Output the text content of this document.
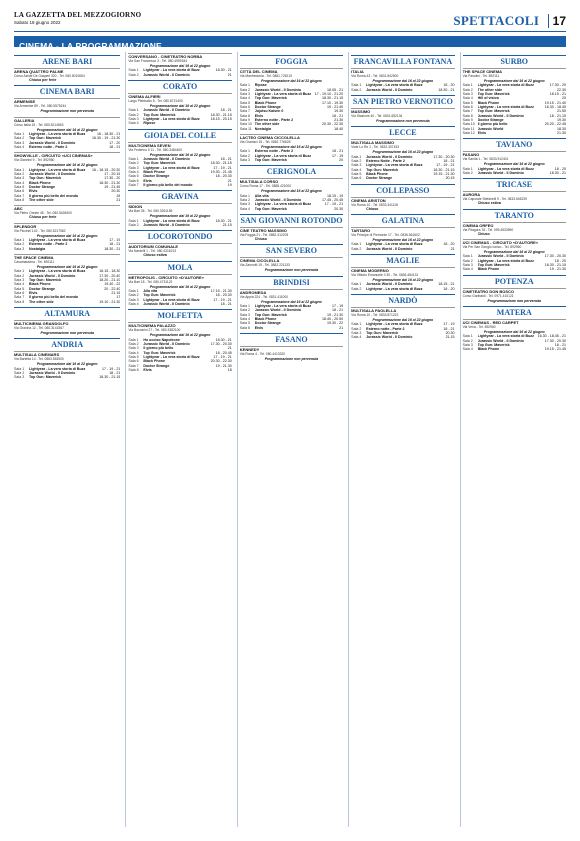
LA GAZZETTA DEL MEZZOGIORNO
Sabato 18 giugno 2022	SPETTACOLI 17
CINEMA - LA PROGRAMMAZIONE
ARENE BARI
ARENA QUATTRO PALME
Corso Alcide De Gasperi 320 - Tel. 080.5010654
Chiuso per ferie
CINEMA BARI
ARMENISE
Via Armenise 89 - Tel. 080.5575244
Programmazione non pervenuta
GALLERIA
Corso Italia 15 - Tel. 080.5214563
Programmazione dal 16 al 22 giugno
Sala 1	Lightyear - La vera storia di Buzz	16 - 18.30 - 21
Sala 2	Top Gun: Maverick	16.30 - 19 - 21.30
Sala 3	Jurassic World - Il Dominio	17 - 20
Sala 4	Esterno notte - Parte 2	18 - 21
SHOWVILLE - CIRCUITO «UCI CINEMAS»
Via Giannini 9 - Tel. 892960
Programmazione dal 16 al 22 giugno
Sala 1	Lightyear - La vera storia di Buzz	16 - 18.15 - 20.30
Sala 2	Jurassic World - Il Dominio	17 - 20.15
Sala 3	Top Gun: Maverick	17.30 - 20
Sala 4	Black Phone	18.30 - 21.30
Sala 5	Doctor Strange	19 - 21.45
Sala 6	Elvis	20.30
Sala 7	Il giorno più bello del mondo	18
Sala 8	The other side	21
ABC
Via Pietro Oreste 45 - Tel. 080.5428400
Chiuso per ferie
SPLENDOR
Via Piccinni 142 - Tel. 080.5217582
Programmazione dal 16 al 22 giugno
Sala 1	Lightyear - La vera storia di Buzz	17 - 19
Sala 2	Esterno notte - Parte 2	18 - 21
Sala 3	Nostalgia	18.30 - 21
THE SPACE CINEMA
Casamassima - Tel. 892111
Programmazione dal 16 al 22 giugno
Sala 1	Lightyear - La vera storia di Buzz	16.15 - 18.30
Sala 2	Jurassic World - Il Dominio	17.30 - 20.40
Sala 3	Top Gun: Maverick	18.20 - 21.10
Sala 4	Black Phone	19.40 - 22
Sala 5	Doctor Strange	20 - 22.40
Sala 6	Elvis	21.15
Sala 7	Il giorno più bello del mondo	17
Sala 8	The other side	19.10 - 21.30
ALTAMURA
MULTICINEMA GRANDOLFO
Via Gravina 12 - Tel. 080.3141567
Programmazione non pervenuta
ANDRIA
MULTISALA CINEMARS
Via Barletta 14 - Tel. 0883.553500
Programmazione dal 16 al 22 giugno
Sala 1	Lightyear - La vera storia di Buzz	17 - 19 - 21
Sala 2	Jurassic World - Il Dominio	18 - 21
Sala 3	Top Gun: Maverick	18.30 - 21.15
CONVERSANO - CINETEATRO NORBA
Via San Francesco 3 - Tel. 080.4959184
Programmazione dal 16 al 22 giugno
Sala 1	Lightyear - La vera storia di Buzz	18.30 - 21
Sala 2	Jurassic World - Il Dominio	21
CORATO
CINEMA ALFIERI
Largo Plebiscito 8 - Tel. 080.8721400
Programmazione dal 16 al 22 giugno
Sala 1	Jurassic World - Il Dominio	18 - 21
Sala 2	Top Gun: Maverick	18.30 - 21.15
Sala 3	Lightyear - La vera storia di Buzz	18.15 - 20.15
Sala 4	Ripose
GIOIA DEL COLLE
MULTICINEMA SEVEN
Via Federico II 11 - Tel. 080.3484400
Programmazione dal 16 al 22 giugno
Sala 1	Jurassic World - Il Dominio	18 - 21
Sala 2	Top Gun: Maverick	18.30 - 21.15
Sala 3	Lightyear - La vera storia di Buzz	17 - 19 - 21
Sala 4	Black Phone	19.30 - 21.45
Sala 5	Doctor Strange	18 - 20.30
Sala 6	Elvis	21
Sala 7	Il giorno più bello del mondo	19
GRAVINA
SIDION
Via Bari 35 - Tel. 080.3261155
Programmazione dal 16 al 22 giugno
Sala 1	Lightyear - La vera storia di Buzz	18.30 - 21
Sala 2	Jurassic World - Il Dominio	21.15
LOCOROTONDO
AUDITORIUM COMUNALE
Via Nardelli 1 - Tel. 080.4316213
Chiuso estiva
MOLA
METROPOLIS - CIRCUITO «D'AUTORE»
Via Bari 18 - Tel. 080.4731122
Programmazione dal 16 al 22 giugno
Sala 1	Alla vita	17.15 - 21.30
Sala 2	Top Gun: Maverick	18 - 20.30
Sala 3	Lightyear - La vera storia di Buzz	17 - 19 - 21
Sala 4	Jurassic World - Il Dominio	18 - 21
MOLFETTA
MULTICINEMA PALAZZO
Via Baccarini 27 - Tel. 080.3382100
Programmazione dal 16 al 22 giugno
Sala 1	Ho ucciso Napoleone	18.30 - 21
Sala 2	Jurassic World - Il Dominio	17.30 - 20.30
Sala 3	Il giorno più bello	21
Sala 4	Top Gun: Maverick	18 - 20.45
Sala 5	Lightyear - La vera storia di Buzz	17 - 19 - 21
Sala 6	Black Phone	20.30 - 22.30
Sala 7	Doctor Strange	19 - 21.30
Sala 8	Elvis	18
FOGGIA
CITTÀ DEL CINEMA
Via Manfredonia - Tel. 0881.725219
Programmazione dal 16 al 22 giugno
Sala 1	Ripose
Sala 2	Jurassic World - Il Dominio	18.05 - 21
Sala 3	Lightyear - La vera storia di Buzz	17 - 19.10 - 21.20
Sala 4	Top Gun: Maverick	18.30 - 21.15
Sala 5	Black Phone	17.10 - 19.30
Sala 6	Doctor Strange	19 - 21.40
Sala 7	Jujutsu Kaisen 0	19.30
Sala 8	Elvis	18 - 21
Sala 9	Esterno notte - Parte 2	21.30
Sala 10 The other side	20.30 - 22.30
Sala 11 Nostalgia	18.40
LACTEO CINEMA CICCOLELLA
Via Gramsci 15 - Tel. 0881.776628
Programmazione dal 16 al 22 giugno
Sala 1	Esterno notte - Parte 2	18 - 21
Sala 2	Lightyear - La vera storia di Buzz	17 - 19
Sala 3	Top Gun: Maverick	20
CERIGNOLA
MULTISALA CORSO
Corso Roma 17 - Tel. 0885.421000
Programmazione dal 16 al 22 giugno
Sala 1	Alla vita	18.15 - 19
Sala 2	Jurassic World - Il Dominio	17.45 - 20.45
Sala 3	Lightyear - La vera storia di Buzz	17 - 19 - 21
Sala 4	Top Gun: Maverick	20.30
SAN GIOVANNI ROTONDO
CINE TEATRO MASSIMO
Via Foggia 21 - Tel. 0882.412203
Chiuso
SAN SEVERO
CINEMA CICOLELLA
Via Zannotti 19 - Tel. 0882.221133
Programmazione non pervenuta
BRINDISI
ANDROMEDA
Via Appia 224 - Tel. 0831.411000
Programmazione dal 16 al 22 giugno
Sala 1	Lightyear - La vera storia di Buzz	17 - 19
Sala 2	Jurassic World - Il Dominio	18 - 21
Sala 3	Top Gun: Maverick	19 - 21.30
Sala 4	Black Phone	18.40 - 20.50
Sala 5	Doctor Strange	19.30 - 22
Sala 6	Elvis	21
FASANO
KENNEDY
Via Roma 4 - Tel. 080.4413320
Programmazione non pervenuta
FRANCAVILLA FONTANA
ITALIA
Via Roma 43 - Tel. 0831.842500
Programmazione dal 16 al 22 giugno
Sala 1	Lightyear - La vera storia di Buzz	18 - 20
Sala 2	Jurassic World - Il Dominio	18.30 - 21
SAN PIETRO VERNOTICO
MASSIMO
Via Stazione 40 - Tel. 0831.652134
Programmazione non pervenuta
LECCE
MULTISALA MASSIMO
Viale Lo Re 1 - Tel. 0832.307433
Programmazione dal 16 al 22 giugno
Sala 1	Jurassic World - Il Dominio	17.30 - 20.30
Sala 2	Esterno Notte - Parte 2	18 - 21
Sala 3	Lightyear - La vera storia di Buzz	17 - 19 - 21
Sala 4	Top Gun: Maverick	18.30 - 21.15
Sala 5	Black Phone	19.15 - 21.30
Sala 6	Doctor Strange	20.15
COLLEPASSO
CINEMA ARISTON
Via Roma 10 - Tel. 0833.341118
Chiuso
GALATINA
TARTARO
Via Principe di Piemonte 17 - Tel. 0836.561602
Programmazione dal 16 al 22 giugno
Sala 1	Lightyear - La vera storia di Buzz	18 - 20
Sala 2	Jurassic World - Il Dominio	21
MAGLIE
CINEMA MODERNO
Via Vittorio Emanuele II 30 - Tel. 0836.484131
Programmazione dal 16 al 22 giugno
Sala 1	Jurassic World - Il Dominio	18.15 - 21
Sala 2	Lightyear - La vera storia di Buzz	18 - 20
NARDÒ
MULTISALA PAOLELLA
Via Roma 10 - Tel. 0833.871222
Programmazione dal 16 al 22 giugno
Sala 1	Lightyear - La vera storia di Buzz	17 - 19
Sala 2	Esterno notte - Parte 2	18 - 21
Sala 3	Top Gun: Maverick	20.30
Sala 4	Jurassic World - Il Dominio	21.15
SURBO
THE SPACE CINEMA
Via Pasolini - Tel. 892111
Programmazione dal 16 al 22 giugno
Sala 1	Lightyear - La vera storia di Buzz	17.30 - 20
Sala 2	The other side	22.30
Sala 3	Top Gun: Maverick	18.15 - 21
Sala 4	Hill of vision	20
Sala 5	Black Phone	19.15 - 21.40
Sala 6	Lightyear - La vera storia di Buzz	16.30 - 18.45
Sala 7	Top Gun: Maverick	21.50
Sala 8	Jurassic World - Il Dominio	18 - 21.15
Sala 9	Doctor Strange	19.30
Sala 10 Il giorno più bello	20.20 - 22.45
Sala 11 Jurassic World	18.30
Sala 12 Elvis	21.30
TAVIANO
FASANO
Via Sanità 1 - Tel. 0833.912401
Programmazione dal 16 al 22 giugno
Sala 1	Lightyear - La vera storia di Buzz	18 - 20
Sala 2	Jurassic World - Il Dominio	18.30 - 21
TRICASE
AURORA
Via Caporale Stefanelli 9 - Tel. 0833.545239
Chiuso estiva
TARANTO
CINEMA ORFEO
Via Pitagora 78 - Tel. 099.4533590
Chiuso
UCI CINEMAS - CIRCUITO «D'AUTORE»
Via Per San Giorgio Ionico - Tel. 892960
Programmazione dal 16 al 22 giugno
Sala 1	Jurassic World - Il Dominio	17.30 - 20.30
Sala 2	Lightyear - La vera storia di Buzz	18 - 20
Sala 3	Top Gun: Maverick	18.30 - 21.15
Sala 4	Black Phone	19 - 21.30
POTENZA
CINETEATRO DON BOSCO
Corso Garibaldi - Tel. 0971.410121
Programmazione non pervenuta
MATERA
UCI CINEMAS - RED CARPET
Via Vena - Tel. 892960
Programmazione dal 16 al 22 giugno
Sala 1	Lightyear - La vera storia di Buzz	16.30 - 18.45 - 21
Sala 2	Jurassic World - Il Dominio	17.30 - 20.30
Sala 3	Top Gun: Maverick	18 - 21
Sala 4	Black Phone	19.15 - 21.45
